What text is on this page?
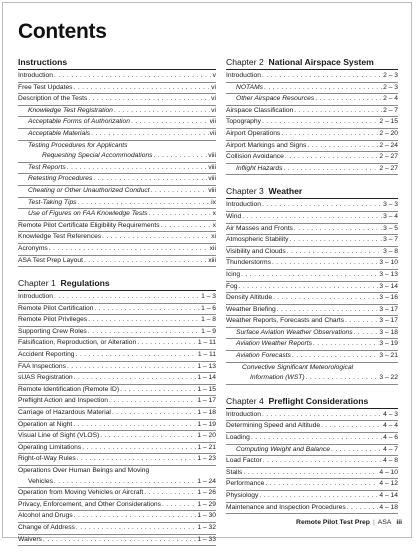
Contents
Instructions
Introduction . . .	v
Free Test Updates . . .	vi
Description of the Tests . . .	vi
Knowledge Test Registration . . .	vi
Acceptable Forms of Authorization . . .	vii
Acceptable Materials . . .	vii
Testing Procedures for Applicants
Requesting Special Accommodations . . .	viii
Test Reports . . .	viii
Retesting Procedures . . .	viii
Cheating or Other Unauthorized Conduct . . .	viii
Test-Taking Tips . . .	ix
Use of Figures on FAA Knowledge Tests . . .	x
Remote Pilot Certificate Eligibility Requirements . . .	x
Knowledge Test References . . .	xi
Acronyms . . .	xii
ASA Test Prep Layout . . .	xiii
Chapter 1 Regulations
Introduction . . .	1 – 3
Remote Pilot Certification . . .	1 – 6
Remote Pilot Privileges . . .	1 – 8
Supporting Crew Roles . . .	1 – 9
Falsification, Reproduction, or Alteration . . .	1 – 11
Accident Reporting . . .	1 – 11
FAA Inspections . . .	1 – 13
sUAS Registration . . .	1 – 14
Remote Identification (Remote ID) . . .	1 – 15
Preflight Action and Inspection . . .	1 – 17
Carriage of Hazardous Material . . .	1 – 18
Operation at Night . . .	1 – 19
Visual Line of Sight (VLOS) . . .	1 – 20
Operating Limitations . . .	1 – 21
Right-of-Way Rules . . .	1 – 23
Operations Over Human Beings and Moving
Vehicles . . .	1 – 24
Operation from Moving Vehicles or Aircraft . . .	1 – 26
Privacy, Enforcement, and Other Considerations . . .	1 – 29
Alcohol and Drugs . . .	1 – 30
Change of Address . . .	1 – 32
Waivers . . .	1 – 33
Chapter 2 National Airspace System
Introduction . . .	2 – 3
NOTAMs . . .	2 – 3
Other Airspace Resources . . .	2 – 4
Airspace Classification . . .	2 – 7
Topography . . .	2 – 15
Airport Operations . . .	2 – 20
Airport Markings and Signs . . .	2 – 24
Collision Avoidance . . .	2 – 27
Inflight Hazards . . .	2 – 27
Chapter 3 Weather
Introduction . . .	3 – 3
Wind . . .	3 – 4
Air Masses and Fronts . . .	3 – 5
Atmospheric Stability . . .	3 – 7
Visibility and Clouds . . .	3 – 8
Thunderstorms . . .	3 – 10
Icing . . .	3 – 13
Fog . . .	3 – 14
Density Altitude . . .	3 – 16
Weather Briefing . . .	3 – 17
Weather Reports, Forecasts and Charts . . .	3 – 17
Surface Aviation Weather Observations . . .	3 – 18
Aviation Weather Reports . . .	3 – 19
Aviation Forecasts . . .	3 – 21
Convective Significant Meteorological
Information (WST) . . .	3 – 22
Chapter 4 Preflight Considerations
Introduction . . .	4 – 3
Determining Speed and Altitude . . .	4 – 4
Loading . . .	4 – 6
Computing Weight and Balance . . .	4 – 7
Load Factor . . .	4 – 8
Stalls . . .	4 – 10
Performance . . .	4 – 12
Physiology . . .	4 – 14
Maintenance and Inspection Procedures . . .	4 – 18
Remote Pilot Test Prep | ASA iii
